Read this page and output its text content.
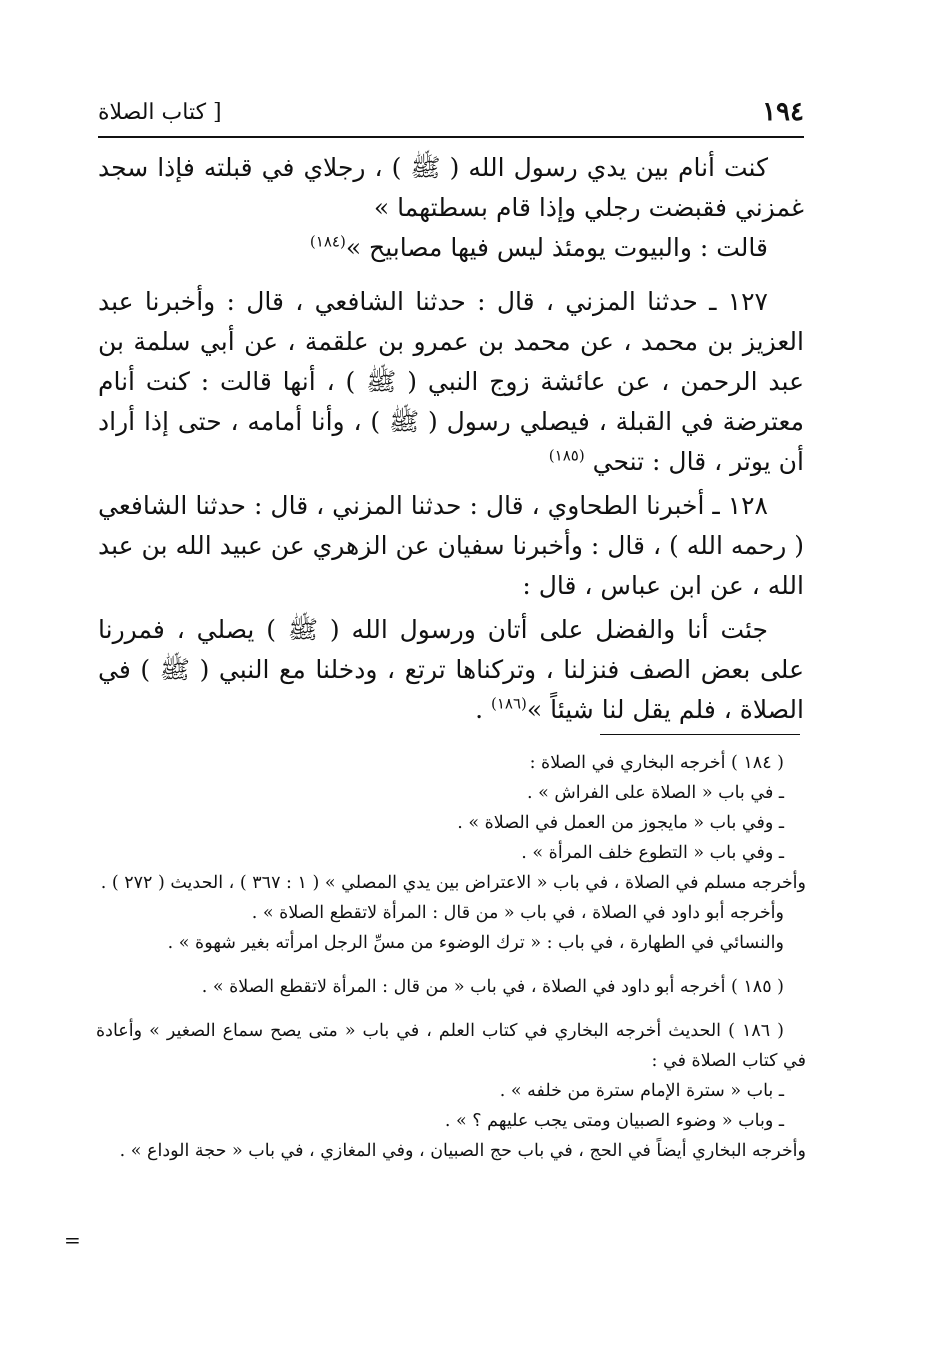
١٩٤
[ كتاب الصلاة

كنت أنام بين يدي رسول الله ( ﷺ ) ، رجلاي في قبلته فإذا سجد غمزني فقبضت رجلي وإذا قام بسطتهما »

قالت : والبيوت يومئذ ليس فيها مصابيح »$^{(١٨٤)}$

١٢٧ ـ حدثنا المزني ، قال : حدثنا الشافعي ، قال : وأخبرنا عبد العزيز بن محمد ، عن محمد بن عمرو بن علقمة ، عن أبي سلمة بن عبد الرحمن ، عن عائشة زوج النبي ( ﷺ ) ، أنها قالت : كنت أنام معترضة في القبلة ، فيصلي رسول ( ﷺ ) ، وأنا أمامه ، حتى إذا أراد أن يوتر ، قال : تنحي $^{(١٨٥)}$

١٢٨ ـ أخبرنا الطحاوي ، قال : حدثنا المزني ، قال : حدثنا الشافعي ( رحمه الله ) ، قال : وأخبرنا سفيان عن الزهري عن عبيد الله بن عبد الله ، عن ابن عباس ، قال :

جئت أنا والفضل على أتان ورسول الله ( ﷺ ) يصلي ، فمررنا على بعض الصف فنزلنا ، وتركناها ترتع ، ودخلنا مع النبي ( ﷺ ) في الصلاة ، فلم يقل لنا شيئاً »$^{(١٨٦)}$ .

( ١٨٤ ) أخرجه البخاري في الصلاة :

ـ في باب « الصلاة على الفراش » .

ـ وفي باب « مايجوز من العمل في الصلاة » .

ـ وفي باب « التطوع خلف المرأة » .

وأخرجه مسلم في الصلاة ، في باب « الاعتراض بين يدي المصلي » ( ١ : ٣٦٧ ) ، الحديث ( ٢٧٢ ) .

وأخرجه أبو داود في الصلاة ، في باب « من قال : المرأة لاتقطع الصلاة » .

والنسائي في الطهارة ، في باب : « ترك الوضوء من مسِّ الرجل امرأته بغير شهوة » .

( ١٨٥ ) أخرجه أبو داود في الصلاة ، في باب « من قال : المرأة لاتقطع الصلاة » .

( ١٨٦ ) الحديث أخرجه البخاري في كتاب العلم ، في باب « متى يصح سماع الصغير » وأعادة في كتاب الصلاة في :

ـ باب « سترة الإمام سترة من خلفه » .

ـ وباب « وضوء الصبيان ومتى يجب عليهم ؟ » .

وأخرجه البخاري أيضاً في الحج ، في باب حج الصبيان ، وفي المغازي ، في باب « حجة الوداع » .

=
